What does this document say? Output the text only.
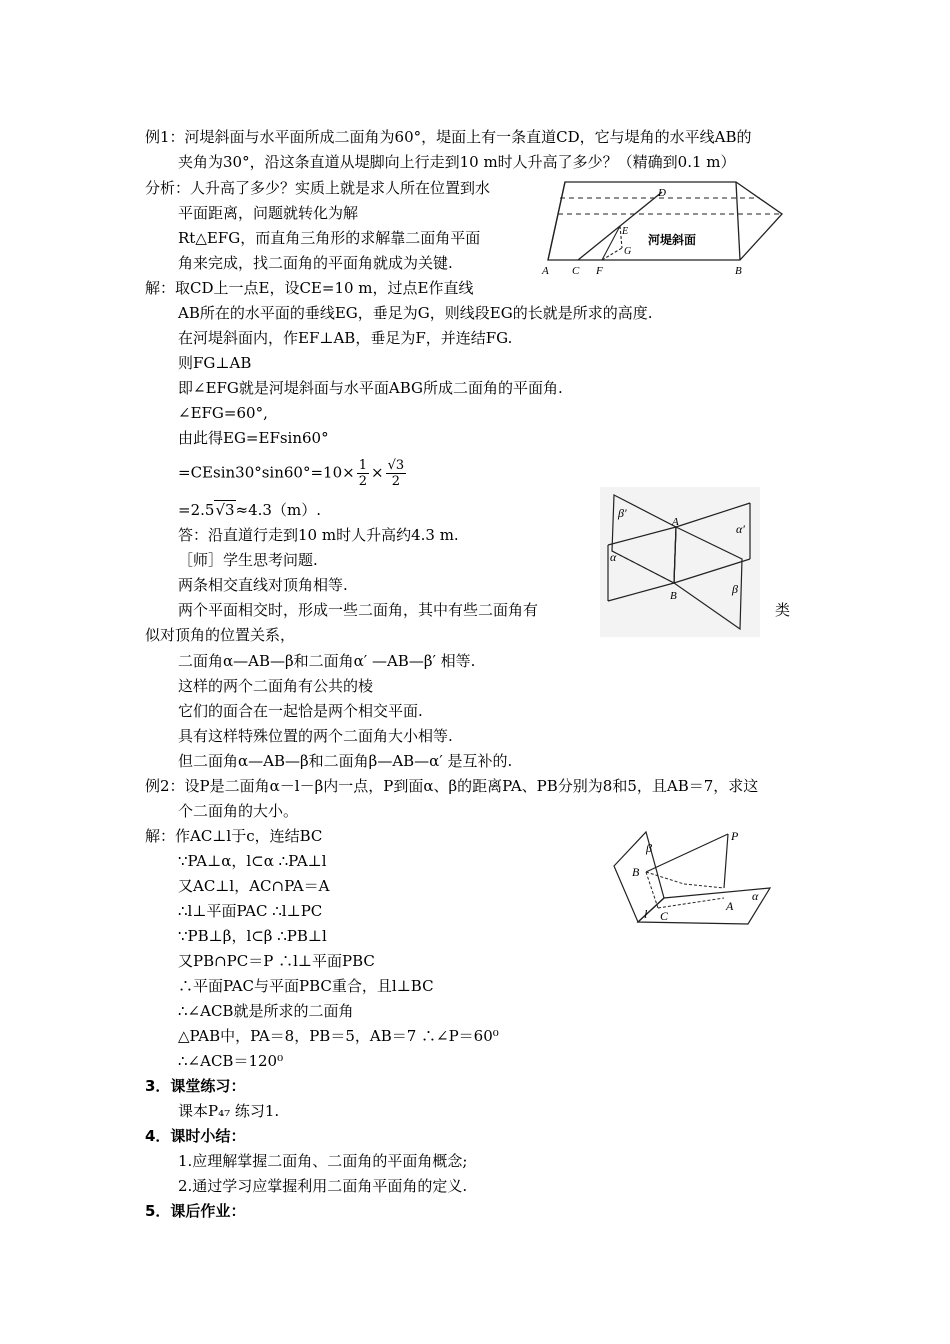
例1：河堤斜面与水平面所成二面角为60°，堤面上有一条直道CD，它与堤角的水平线AB的
夹角为30°，沿这条直道从堤脚向上行走到10 m时人升高了多少？（精确到0.1 m）
分析：人升高了多少？实质上就是求人所在位置到水
平面距离，问题就转化为解
Rt△EFG，而直角三角形的求解靠二面角平面
角来完成，找二面角的平面角就成为关键.
解：取CD上一点E，设CE=10 m，过点E作直线
AB所在的水平面的垂线EG，垂足为G，则线段EG的长就是所求的高度.
在河堤斜面内，作EF⊥AB，垂足为F，并连结FG.
则FG⊥AB
即∠EFG就是河堤斜面与水平面ABG所成二面角的平面角.
∠EFG=60°,
由此得EG=EFsin60°
$=CEsin30^\circ\sin 60^\circ=10\times \frac{1}{2} \times \frac{√3}{2}$
=2.5√3≈4.3（m）.
答：沿直道行走到10 m时人升高约4.3 m.
［师］学生思考问题.
两条相交直线对顶角相等.
两个平面相交时，形成一些二面角，其中有些二面角有	类
似对顶角的位置关系，
二面角α—AB—β和二面角α′ —AB—β′ 相等.
这样的两个二面角有公共的棱
它们的面合在一起恰是两个相交平面.
具有这样特殊位置的两个二面角大小相等.
但二面角α—AB—β和二面角β—AB—α′ 是互补的.
例2：设P是二面角α－l－β内一点，P到面α、β的距离PA、PB分别为8和5，且AB＝7，求这
个二面角的大小。
解：作AC⊥l于c，连结BC
∵PA⊥α，l⊂α ∴PA⊥l
又AC⊥l，AC∩PA＝A
∴l⊥平面PAC ∴l⊥PC
∵PB⊥β，l⊂β ∴PB⊥l
又PB∩PC＝P ∴l⊥平面PBC
∴平面PAC与平面PBC重合，且l⊥BC
∴∠ACB就是所求的二面角
△PAB中，PA＝8，PB＝5，AB＝7 ∴∠P＝60⁰
∴∠ACB＝120⁰
3．课堂练习：
课本P₄₇ 练习1.
4．课时小结：
1.应理解掌握二面角、二面角的平面角概念;
2.通过学习应掌握利用二面角平面角的定义.
5．课后作业：
A	B
C
D
E
F
G
河堤斜面
β′
A	α′
α
B	β
P
B
β
A
α
l C
